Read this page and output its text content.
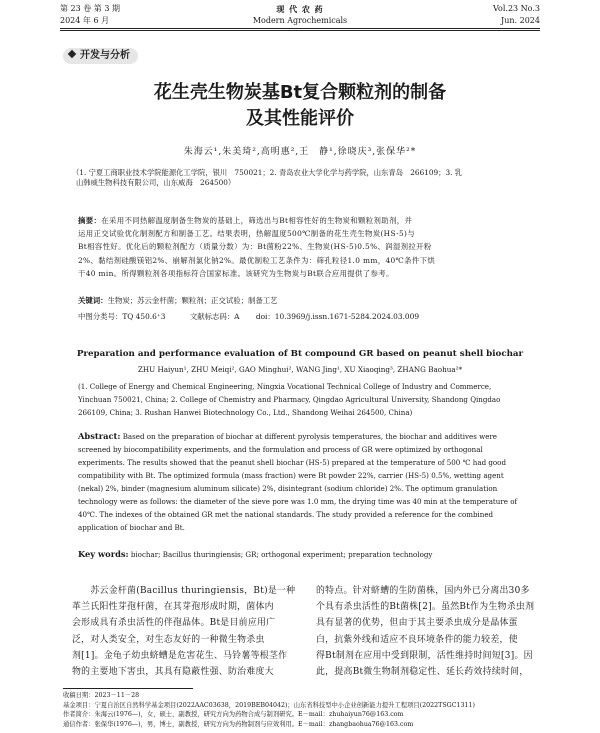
第 23 卷 第 3 期	现 代 农 药	Vol.23 No.3
2024 年 6 月	Modern Agrochemicals	Jun. 2024
开发与分析
花生壳生物炭基Bt复合颗粒剂的制备
及其性能评价
朱海云¹,朱美琦²,高明惠²,王　静¹,徐晓庆³,张保华²*
（1. 宁夏工商职业技术学院能源化工学院，银川　750021；2. 青岛农业大学化学与药学院，山东青岛　266109；3. 乳
山韩威生物科技有限公司，山东威海　264500）
摘要：在采用不同热解温度制备生物炭的基础上，筛选出与Bt相容性好的生物炭和颗粒剂助剂，并
运用正交试验优化制剂配方和制备工艺。结果表明，热解温度500℃制备的花生壳生物炭(HS-5)与
Bt相容性好。优化后的颗粒剂配方（质量分数）为：Bt菌粉22%、生物炭(HS-5)0.5%、润湿剂拉开粉
2%、黏结剂硅酸镁铝2%、崩解剂氯化钠2%。最优制粒工艺条件为：筛孔粒径1.0 mm，40℃条件下烘
干40 min。所得颗粒剂各项指标符合国家标准。该研究为生物炭与Bt联合应用提供了参考。
关键词：生物炭；苏云金杆菌；颗粒剂；正交试验；制备工艺
中图分类号：TQ 450.6⁺3	文献标志码：A doi：10.3969/j.issn.1671-5284.2024.03.009
Preparation and performance evaluation of Bt compound GR based on peanut shell biochar
ZHU Haiyun¹, ZHU Meiqi², GAO Minghui², WANG Jing¹, XU Xiaoqing³, ZHANG Baohua²*
(1. College of Energy and Chemical Engineering, Ningxia Vocational Technical College of Industry and Commerce,
Yinchuan 750021, China; 2. College of Chemistry and Pharmacy, Qingdao Agricultural University, Shandong Qingdao
266109, China; 3. Rushan Hanwei Biotechnology Co., Ltd., Shandong Weihai 264500, China)
Abstract: Based on the preparation of biochar at different pyrolysis temperatures, the biochar and additives were
screened by biocompatibility experiments, and the formulation and process of GR were optimized by orthogonal
experiments. The results showed that the peanut shell biochar (HS-5) prepared at the temperature of 500 ℃ had good
compatibility with Bt. The optimized formula (mass fraction) were Bt powder 22%, carrier (HS-5) 0.5%, wetting agent
(nekal) 2%, binder (magnesium aluminum silicate) 2%, disintegrant (sodium chloride) 2%. The optimum granulation
technology were as follows: the diameter of the sieve pore was 1.0 mm, the drying time was 40 min at the temperature of
40℃. The indexes of the obtained GR met the national standards. The study provided a reference for the combined
application of biochar and Bt.
Key words: biochar; Bacillus thuringiensis; GR; orthogonal experiment; preparation technology
　　苏云金杆菌(Bacillus thuringiensis，Bt)是一种
革兰氏阳性芽孢杆菌，在其芽孢形成时期，菌体内
会形成具有杀虫活性的伴孢晶体。Bt是目前应用广
泛，对人类安全，对生态友好的一种微生物杀虫
剂[1]。金龟子幼虫蛴螬是危害花生、马铃薯等根茎作
物的主要地下害虫，其具有隐蔽性强、防治难度大
的特点。针对蛴螬的生防菌株，国内外已分离出30多
个具有杀虫活性的Bt菌株[2]。虽然Bt作为生物杀虫剂
具有显著的优势，但由于其主要杀虫成分是晶体蛋
白，抗紫外线和适应不良环境条件的能力较差，使
得Bt制剂在应用中受到限制，活性维持时间短[3]。因
此，提高Bt微生物制剂稳定性、延长药效持续时间，
收稿日期：2023－11－28
基金项目：宁夏自治区自然科学基金项目(2022AAC03638，2019BEB04042)；山东省科技型中小企业创新能力提升工程项目(2022TSGC1311)
作者简介：朱海云(1976—)，女，硕士，副教授，研究方向为药物合成与制剂研究。E－mail：zhuhaiyun76@163.com
通信作者：张保华(1976—)，男，博士，副教授，研究方向为药物制剂与应效利用。E－mail：zhangbaohua76@163.com
